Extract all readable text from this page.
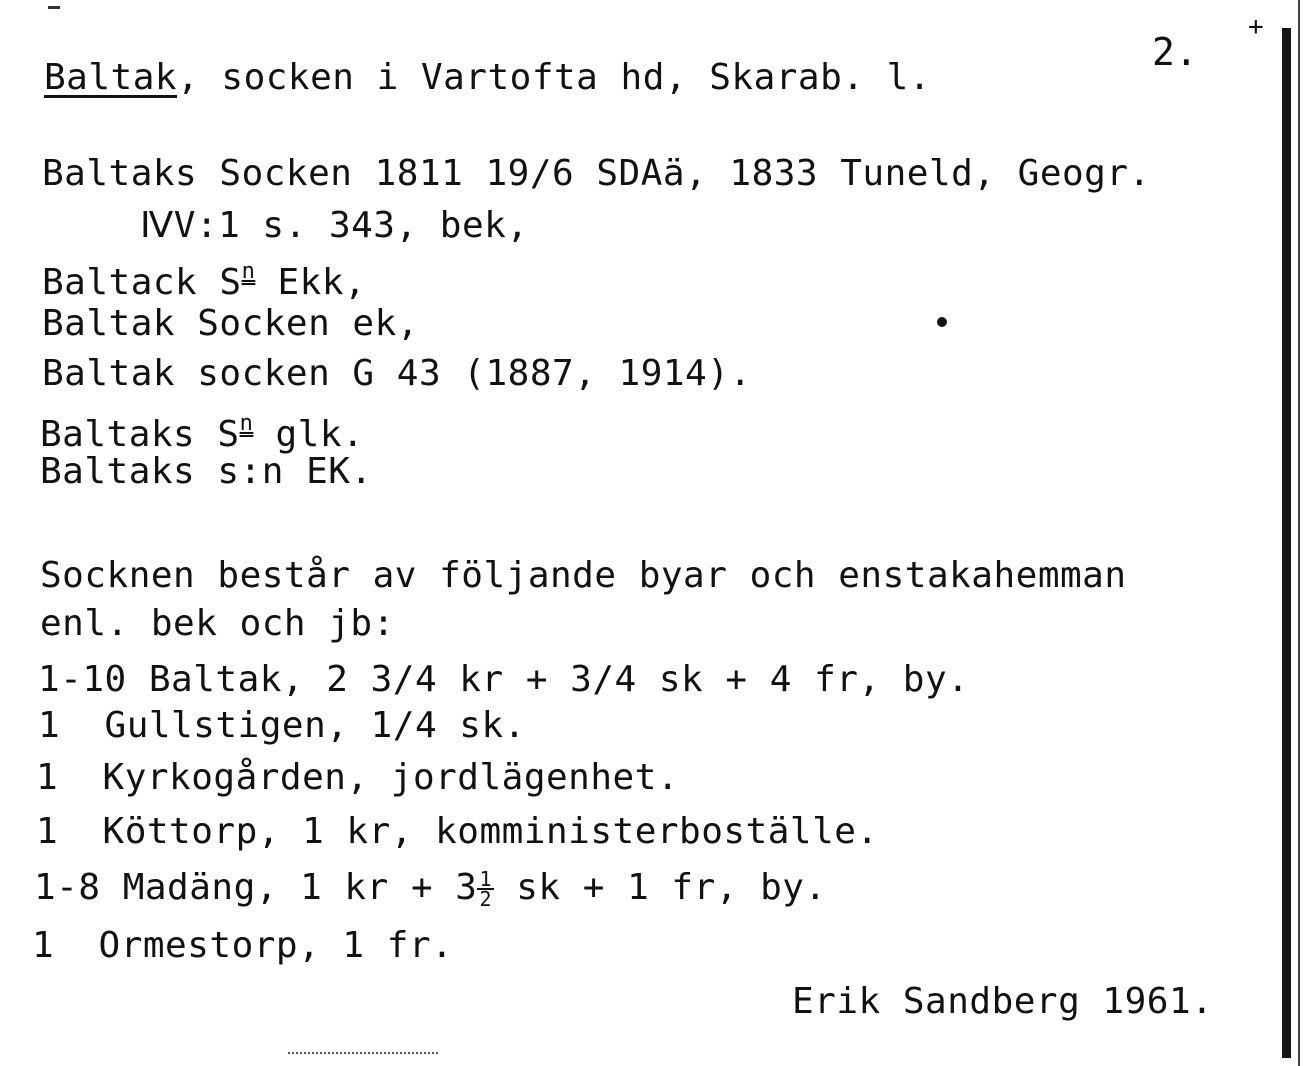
+
2.
Baltak, socken i Vartofta hd, Skarab. l.
Baltaks Socken 1811 19/6 SDAä, 1833 Tuneld, Geogr.
ⅣV:1 s. 343, bek,
Baltack $S^n$ Ekk,
Baltak Socken ek,
Baltak socken G 43 (1887, 1914).
Baltaks $S^n$ glk.
Baltaks s:n EK.
Socknen består av följande byar och enstakahemman
enl. bek och jb:
1-10 Baltak, 2 3/4 kr + 3/4 sk + 4 fr, by.
1  Gullstigen, 1/4 sk.
1  Kyrkogården, jordlägenhet.
1  Köttorp, 1 kr, komministerboställe.
1-8 Madäng, 1 kr + $3 \frac{1}{2}$ sk + 1 fr, by.
1  Ormestorp, 1 fr.
Erik Sandberg 1961.
